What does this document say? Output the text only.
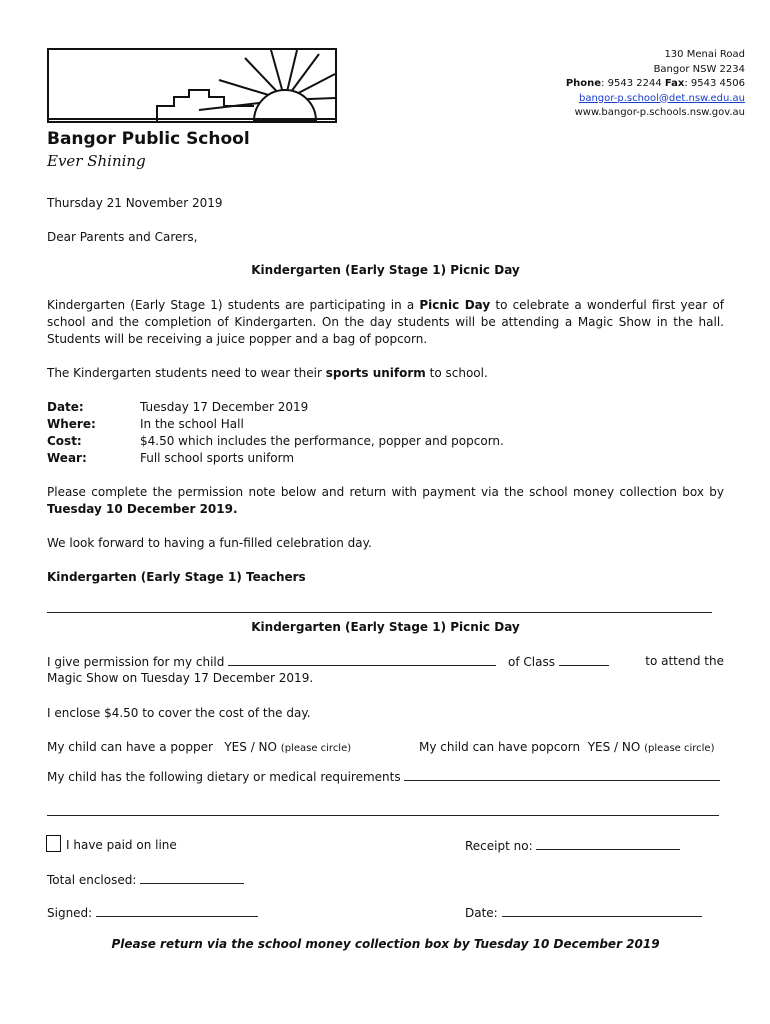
130 Menai Road
Bangor NSW 2234
Phone: 9543 2244 Fax: 9543 4506
bangor-p.school@det.nsw.edu.au
www.bangor-p.schools.nsw.gov.au
Bangor Public School
Ever Shining
Thursday 21 November 2019
Dear Parents and Carers,
Kindergarten (Early Stage 1) Picnic Day
Kindergarten (Early Stage 1) students are participating in a Picnic Day to celebrate a wonderful first year of school and the completion of Kindergarten. On the day students will be attending a Magic Show in the hall. Students will be receiving a juice popper and a bag of popcorn.
The Kindergarten students need to wear their sports uniform to school.
Date:	Tuesday 17 December 2019
Where:	In the school Hall
Cost:	$4.50 which includes the performance, popper and popcorn.
Wear:	Full school sports uniform
Please complete the permission note below and return with payment via the school money collection box by Tuesday 10 December 2019.
We look forward to having a fun-filled celebration day.
Kindergarten (Early Stage 1) Teachers
Kindergarten (Early Stage 1) Picnic Day
I give permission for my child	of Class	to attend the
Magic Show on Tuesday 17 December 2019.
I enclose $4.50 to cover the cost of the day.
My child can have a popper YES / NO (please circle)	My child can have popcorn YES / NO (please circle)
My child has the following dietary or medical requirements
I have paid on line	Receipt no:
Total enclosed:
Signed:	Date:
Please return via the school money collection box by Tuesday 10 December 2019
